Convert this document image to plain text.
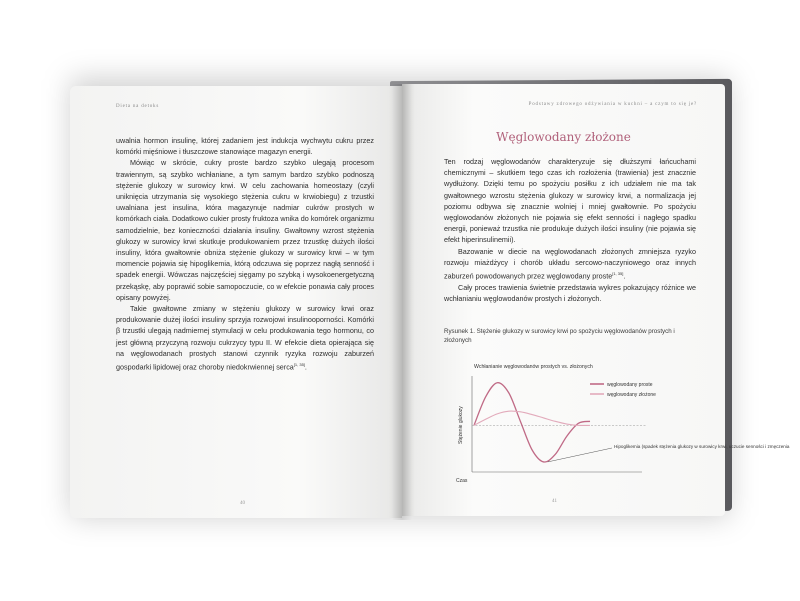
Dieta na detoks

uwalnia hormon insulinę, której zadaniem jest indukcja wychwytu cukru przez komórki mięśniowe i tłuszczowe stanowiące magazyn energii.

Mówiąc w skrócie, cukry proste bardzo szybko ulegają procesom trawiennym, są szybko wchłaniane, a tym samym bardzo szybko podnoszą stężenie glukozy w surowicy krwi. W celu zachowania homeostazy (czyli uniknięcia utrzymania się wysokiego stężenia cukru w krwiobiegu) z trzustki uwalniana jest insulina, która magazynuje nadmiar cukrów prostych w komórkach ciała. Dodatkowo cukier prosty fruktoza wnika do komórek organizmu samodzielnie, bez konieczności działania insuliny. Gwałtowny wzrost stężenia glukozy w surowicy krwi skutkuje produkowaniem przez trzustkę dużych ilości insuliny, która gwałtownie obniża stężenie glukozy w surowicy krwi – w tym momencie pojawia się hipoglikemia, którą odczuwa się poprzez nagłą senność i spadek energii. Wówczas najczęściej sięgamy po szybką i wysokoenergetyczną przekąskę, aby poprawić sobie samopoczucie, co w efekcie ponawia cały proces opisany powyżej.

Takie gwałtowne zmiany w stężeniu glukozy w surowicy krwi oraz produkowanie dużej ilości insuliny sprzyja rozwojowi insulinooporności. Komórki β trzustki ulegają nadmiernej stymulacji w celu produkowania tego hormonu, co jest główną przyczyną rozwoju cukrzycy typu II. W efekcie dieta opierająca się na węglowodanach prostych stanowi czynnik ryzyka rozwoju zaburzeń gospodarki lipidowej oraz choroby niedokrwiennej serca[1, 35].

40
Podstawy zdrowego odżywiania w kuchni – a czym to się je?
Węglowodany złożone

Ten rodzaj węglowodanów charakteryzuje się dłuższymi łańcuchami chemicznymi – skutkiem tego czas ich rozłożenia (trawienia) jest znacznie wydłużony. Dzięki temu po spożyciu posiłku z ich udziałem nie ma tak gwałtownego wzrostu stężenia glukozy w surowicy krwi, a normalizacja jej poziomu odbywa się znacznie wolniej i mniej gwałtownie. Po spożyciu węglowodanów złożonych nie pojawia się efekt senności i nagłego spadku energii, ponieważ trzustka nie produkuje dużych ilości insuliny (nie pojawia się efekt hiperinsulinemii).

Bazowanie w diecie na węglowodanach złożonych zmniejsza ryzyko rozwoju miażdżycy i chorób układu sercowo-naczyniowego oraz innych zaburzeń powodowanych przez węglowodany proste[1, 35].

Cały proces trawienia świetnie przedstawia wykres pokazujący różnice we wchłanianiu węglowodanów prostych i złożonych.

Rysunek 1. Stężenie glukozy w surowicy krwi po spożyciu węglowodanów prostych i złożonych
Wchłanianie węglowodanów prostych vs. złożonych
Stężenie glukozy
Czas
węglowodany proste
węglowodany złożone
Hipoglikemia (spadek stężenia glukozy w surowicy krwi, uczucie senności i zmęczenia
41
